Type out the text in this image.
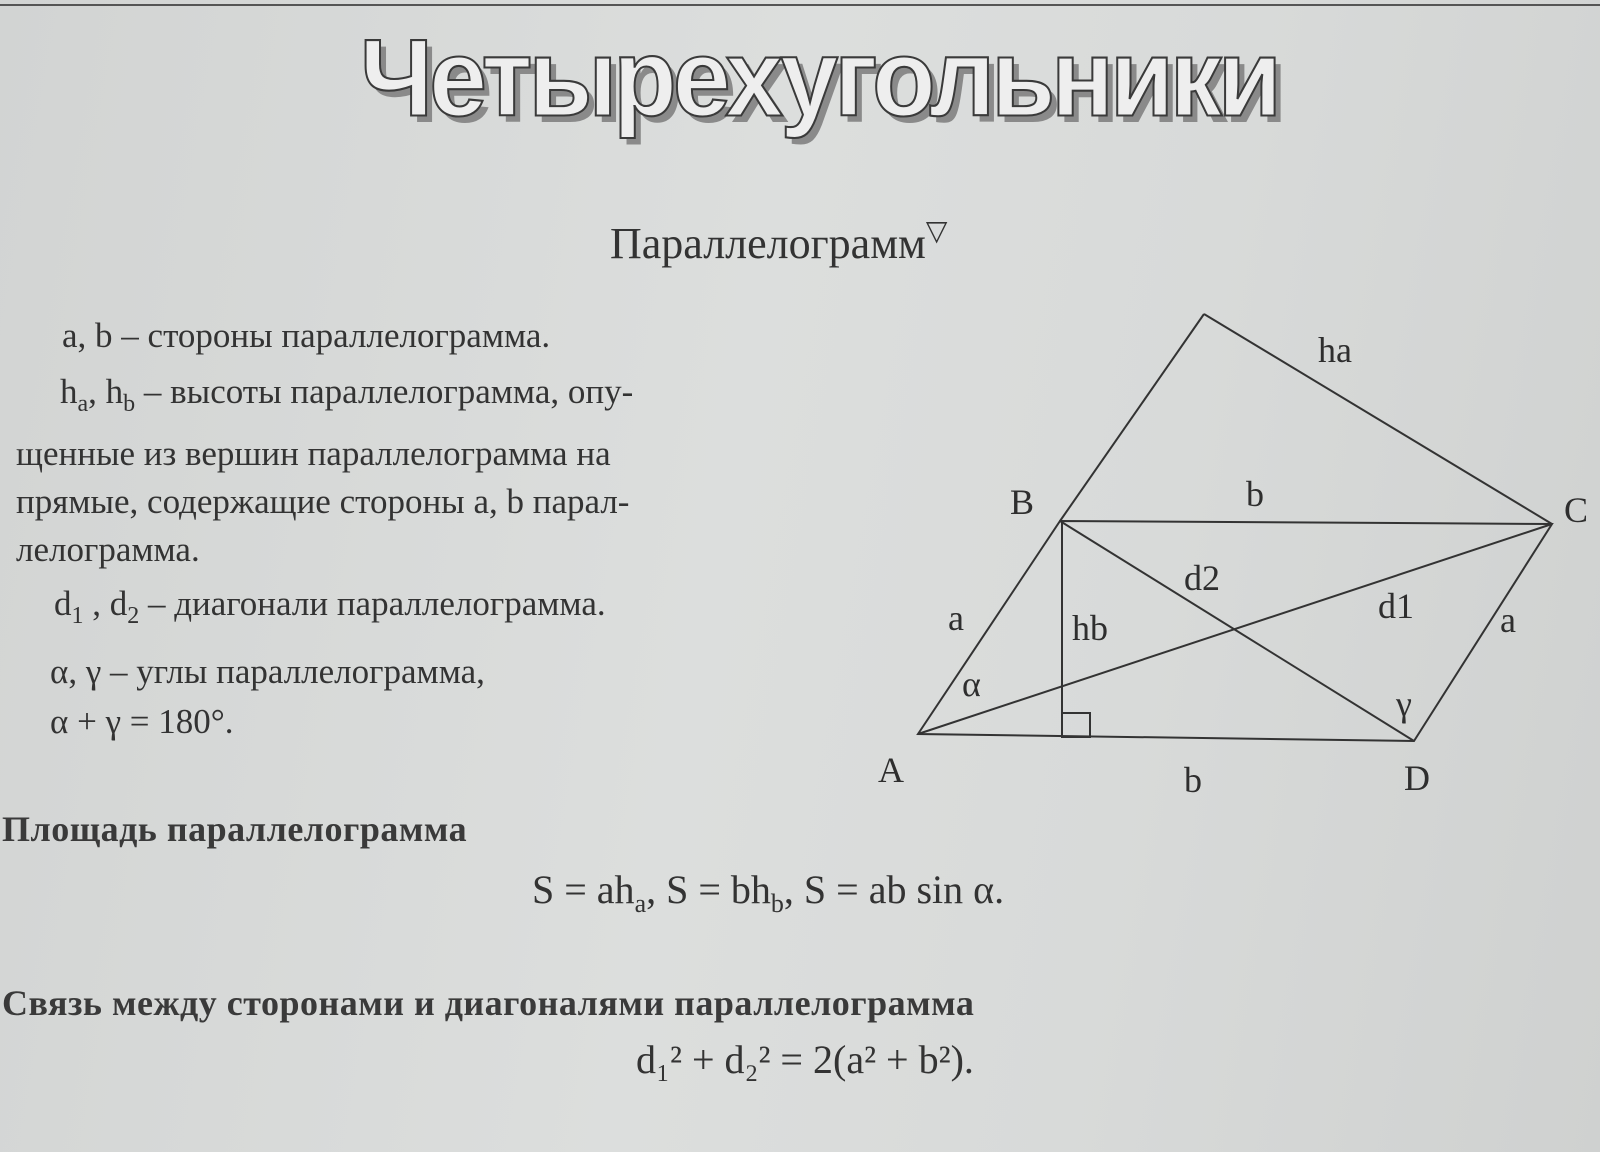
Четырехугольники
Параллелограмм▽
a, b – стороны параллелограмма.
$h_a$, $h_b$ – высоты параллелограмма, опу-
щенные из вершин параллелограмма на
прямые, содержащие стороны a, b парал-
лелограмма.
$d_1$ , $d_2$ – диагонали параллелограмма.
α, γ – углы параллелограмма,
α + γ = 180°.
Площадь параллелограмма
$S = ah_a$, $S = bh_b$, S = ab sin α.
Связь между сторонами и диагоналями параллелограмма
d₁² + d₂² = 2(a² + b²).
A
B	C
D
ha
b
b
a	a
d1
d2
hb
α	γ
